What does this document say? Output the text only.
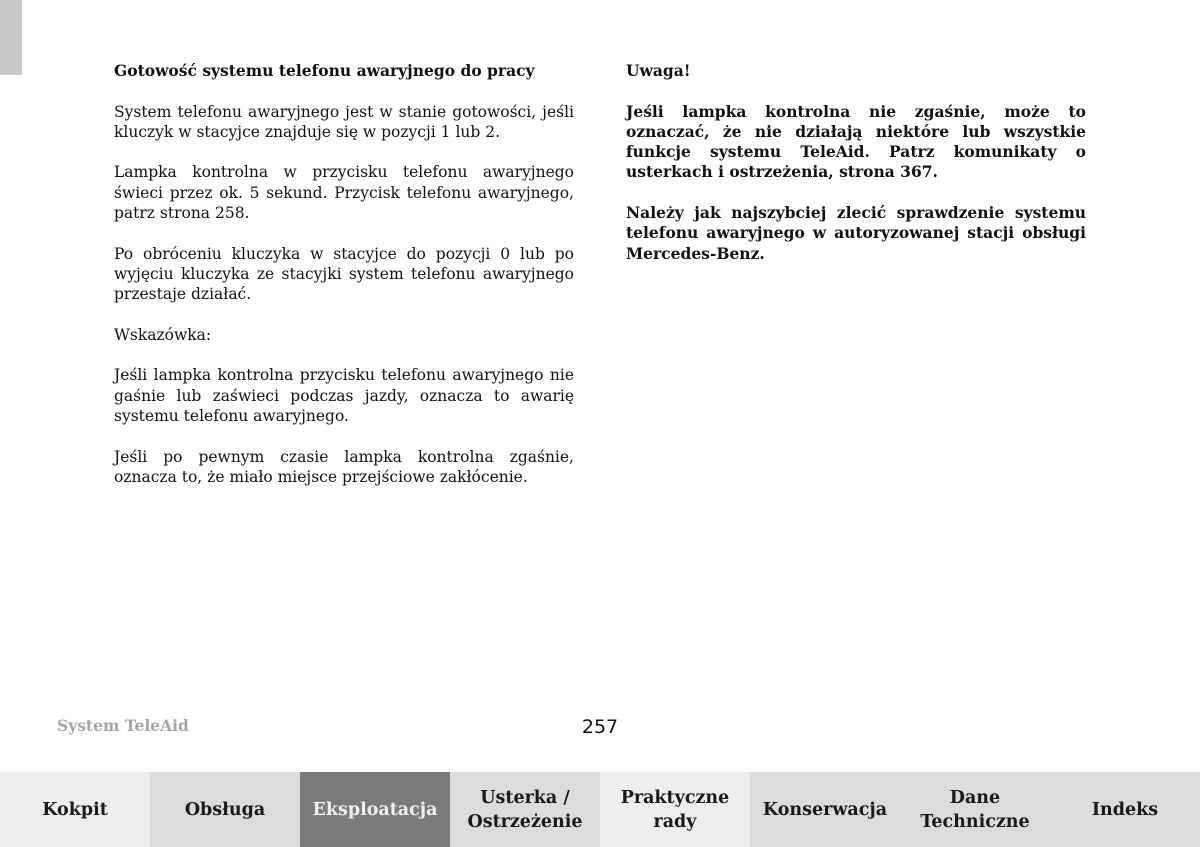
Gotowość systemu telefonu awaryjnego do pracy

System telefonu awaryjnego jest w stanie gotowości, jeśli kluczyk w stacyjce znajduje się w pozycji 1 lub 2.

Lampka kontrolna w przycisku telefonu awaryjnego świeci przez ok. 5 sekund. Przycisk telefonu awaryjnego, patrz strona 258.

Po obróceniu kluczyka w stacyjce do pozycji 0 lub po wyjęciu kluczyka ze stacyjki system telefonu awaryjnego przestaje działać.

Wskazówka:

Jeśli lampka kontrolna przycisku telefonu awaryjnego nie gaśnie lub zaświeci podczas jazdy, oznacza to awarię systemu telefonu awaryjnego.

Jeśli po pewnym czasie lampka kontrolna zgaśnie, oznacza to, że miało miejsce przejściowe zakłócenie.

Uwaga!

Jeśli lampka kontrolna nie zgaśnie, może to oznaczać, że nie działają niektóre lub wszystkie funkcje systemu TeleAid. Patrz komunikaty o usterkach i ostrzeżenia, strona 367.

Należy jak najszybciej zlecić sprawdzenie systemu telefonu awaryjnego w autoryzowanej stacji obsługi Mercedes-Benz.

System TeleAid	257
Kokpit	Obsługa	Eksploatacja
Usterka /
Ostrzeżenie
Praktyczne
rady
Konserwacja
Dane
Techniczne
Indeks
